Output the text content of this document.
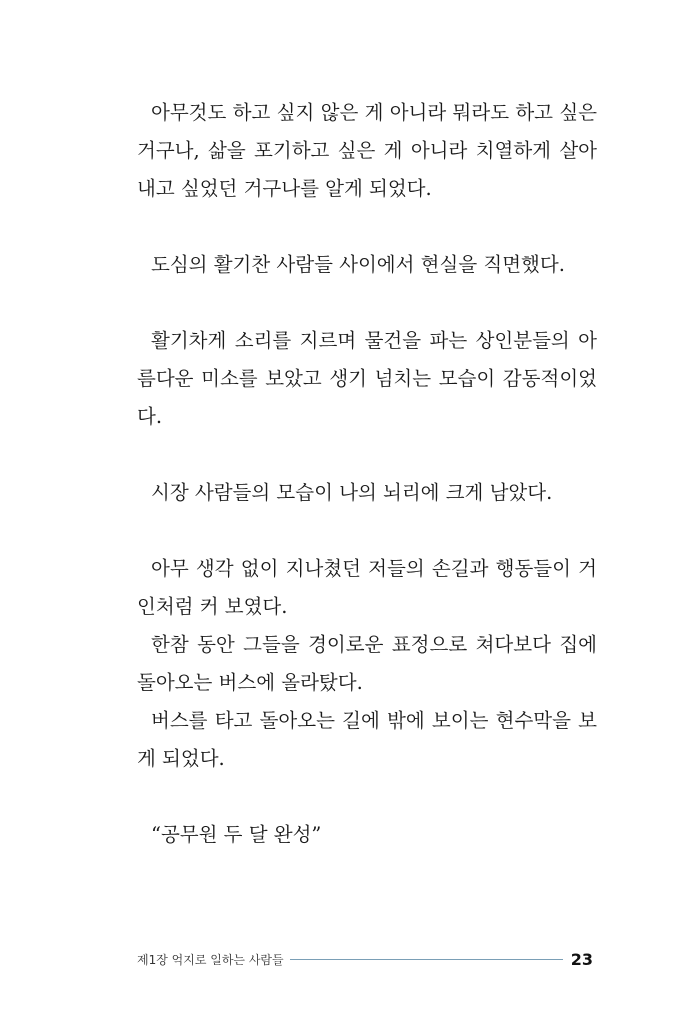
아무것도 하고 싶지 않은 게 아니라 뭐라도 하고 싶은 거구나, 삶을 포기하고 싶은 게 아니라 치열하게 살아 내고 싶었던 거구나를 알게 되었다.

도심의 활기찬 사람들 사이에서 현실을 직면했다.

활기차게 소리를 지르며 물건을 파는 상인분들의 아름다운 미소를 보았고 생기 넘치는 모습이 감동적이었다.

시장 사람들의 모습이 나의 뇌리에 크게 남았다.

아무 생각 없이 지나쳤던 저들의 손길과 행동들이 거인처럼 커 보였다.

한참 동안 그들을 경이로운 표정으로 쳐다보다 집에 돌아오는 버스에 올라탔다.

버스를 타고 돌아오는 길에 밖에 보이는 현수막을 보게 되었다.

“공무원 두 달 완성”

제1장 억지로 일하는 사람들	23
